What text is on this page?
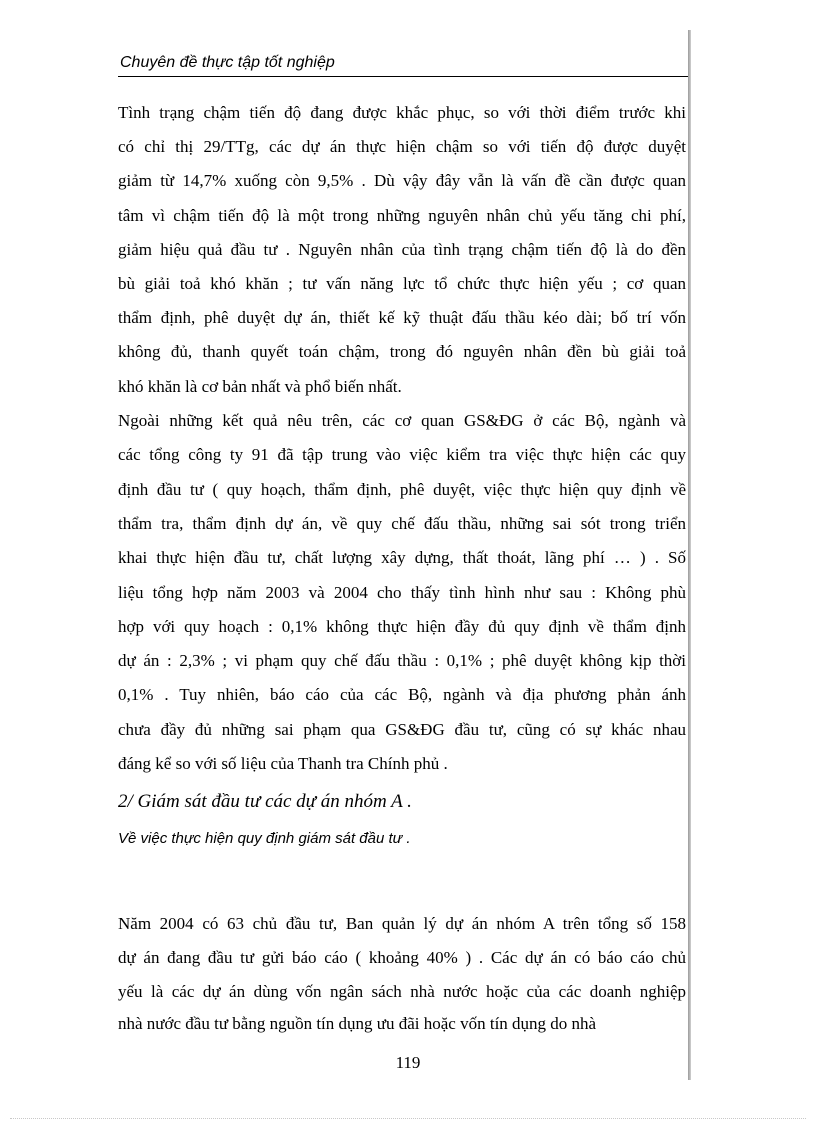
Chuyên đề thực tập tốt nghiệp
Tình trạng chậm tiến độ đang được khắc phục, so với thời điểm trước khi
có chỉ thị 29/TTg, các dự án thực hiện chậm so với tiến độ được duyệt
giảm từ 14,7% xuống còn 9,5% . Dù vậy đây vẫn là vấn đề cần được quan
tâm vì chậm tiến độ là một trong những nguyên nhân chủ yếu tăng chi phí,
giảm hiệu quả đầu tư . Nguyên nhân của tình trạng chậm tiến độ là do đền
bù giải toả khó khăn ; tư vấn năng lực tổ chức thực hiện yếu ; cơ quan
thẩm định, phê duyệt dự án, thiết kế kỹ thuật đấu thầu kéo dài; bố trí vốn
không đủ, thanh quyết toán chậm, trong đó nguyên nhân đền bù giải toả
khó khăn là cơ bản nhất và phổ biến nhất.
Ngoài những kết quả nêu trên, các cơ quan GS&ĐG ở các Bộ, ngành và
các tổng công ty 91 đã tập trung vào việc kiểm tra việc thực hiện các quy
định đầu tư ( quy hoạch, thẩm định, phê duyệt, việc thực hiện quy định về
thẩm tra, thẩm định dự án, về quy chế đấu thầu, những sai sót trong triển
khai thực hiện đầu tư, chất lượng xây dựng, thất thoát, lãng phí … ) . Số
liệu tổng hợp năm 2003 và 2004 cho thấy tình hình như sau : Không phù
hợp với quy hoạch : 0,1% không thực hiện đầy đủ quy định về thẩm định
dự án : 2,3% ; vi phạm quy chế đấu thầu : 0,1% ; phê duyệt không kịp thời
0,1% . Tuy nhiên, báo cáo của các Bộ, ngành và địa phương phản ánh
chưa đầy đủ những sai phạm qua GS&ĐG đầu tư, cũng có sự khác nhau
đáng kể so với số liệu của Thanh tra Chính phủ .
2/ Giám sát đầu tư các dự án nhóm A .
Về việc thực hiện quy định giám sát đầu tư .
Năm 2004 có 63 chủ đầu tư, Ban quản lý dự án nhóm A trên tổng số 158
dự án đang đầu tư gửi báo cáo ( khoảng 40% ) . Các dự án có báo cáo chủ
yếu là các dự án dùng vốn ngân sách nhà nước hoặc của các doanh nghiệp
119
nhà nước đầu tư bằng nguồn tín dụng ưu đãi hoặc vốn tín dụng do nhà
